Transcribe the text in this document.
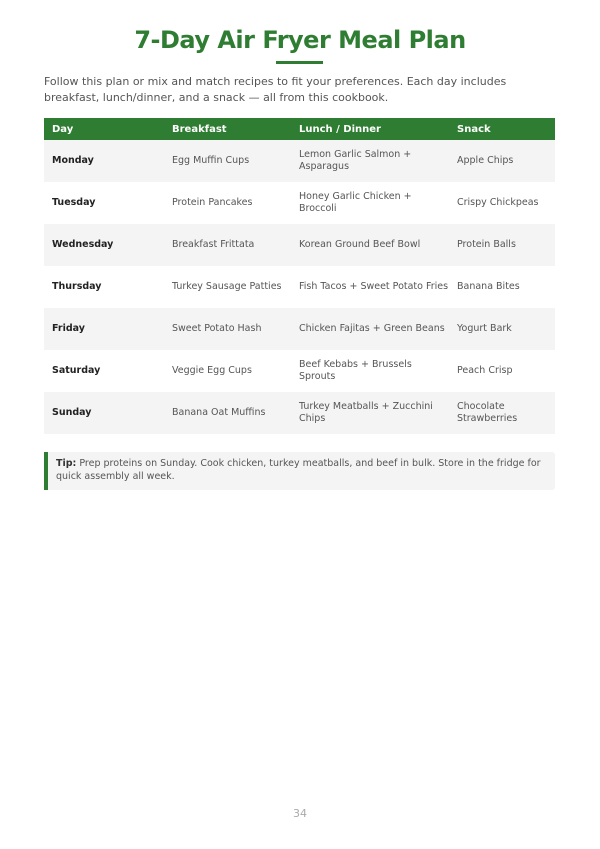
7-Day Air Fryer Meal Plan

Follow this plan or mix and match recipes to fit your preferences. Each day includes breakfast, lunch/dinner, and a snack — all from this cookbook.

Day	Breakfast	Lunch / Dinner	Snack
Monday	Egg Muffin Cups	Lemon Garlic Salmon + Asparagus	Apple Chips
Tuesday	Protein Pancakes	Honey Garlic Chicken + Broccoli	Crispy Chickpeas
Wednesday	Breakfast Frittata	Korean Ground Beef Bowl	Protein Balls
Thursday	Turkey Sausage Patties	Fish Tacos + Sweet Potato Fries	Banana Bites
Friday	Sweet Potato Hash	Chicken Fajitas + Green Beans	Yogurt Bark
Saturday	Veggie Egg Cups	Beef Kebabs + Brussels Sprouts	Peach Crisp
Sunday	Banana Oat Muffins	Turkey Meatballs + Zucchini Chips	Chocolate Strawberries
Tip: Prep proteins on Sunday. Cook chicken, turkey meatballs, and beef in bulk. Store in the fridge for quick assembly all week.
34
